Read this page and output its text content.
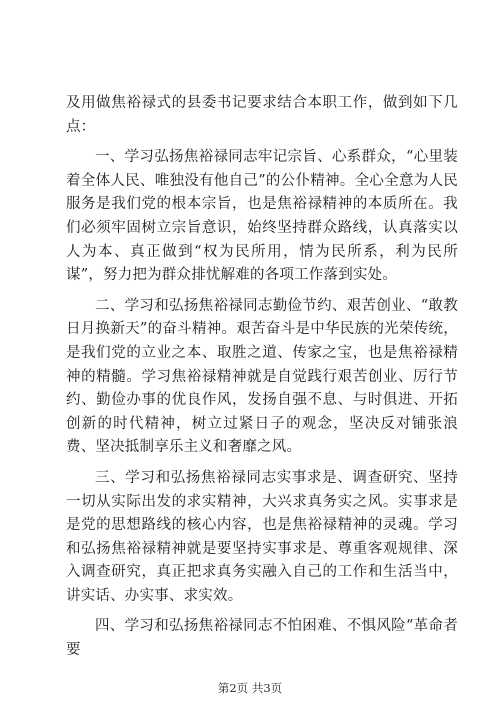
及用做焦裕禄式的县委书记要求结合本职工作，做到如下几点：

一、学习弘扬焦裕禄同志牢记宗旨、心系群众，“心里装着全体人民、唯独没有他自己”的公仆精神。全心全意为人民服务是我们党的根本宗旨，也是焦裕禄精神的本质所在。我们必须牢固树立宗旨意识，始终坚持群众路线，认真落实以人为本、真正做到“权为民所用，情为民所系，利为民所谋”，努力把为群众排忧解难的各项工作落到实处。

二、学习和弘扬焦裕禄同志勤俭节约、艰苦创业、“敢教日月换新天”的奋斗精神。艰苦奋斗是中华民族的光荣传统，是我们党的立业之本、取胜之道、传家之宝，也是焦裕禄精神的精髓。学习焦裕禄精神就是自觉践行艰苦创业、厉行节约、勤俭办事的优良作风，发扬自强不息、与时俱进、开拓创新的时代精神，树立过紧日子的观念，坚决反对铺张浪费、坚决抵制享乐主义和奢靡之风。

三、学习和弘扬焦裕禄同志实事求是、调查研究、坚持一切从实际出发的求实精神，大兴求真务实之风。实事求是是党的思想路线的核心内容，也是焦裕禄精神的灵魂。学习和弘扬焦裕禄精神就是要坚持实事求是、尊重客观规律、深入调查研究，真正把求真务实融入自己的工作和生活当中，讲实话、办实事、求实效。

四、学习和弘扬焦裕禄同志不怕困难、不惧风险“革命者要

第2页 共3页
